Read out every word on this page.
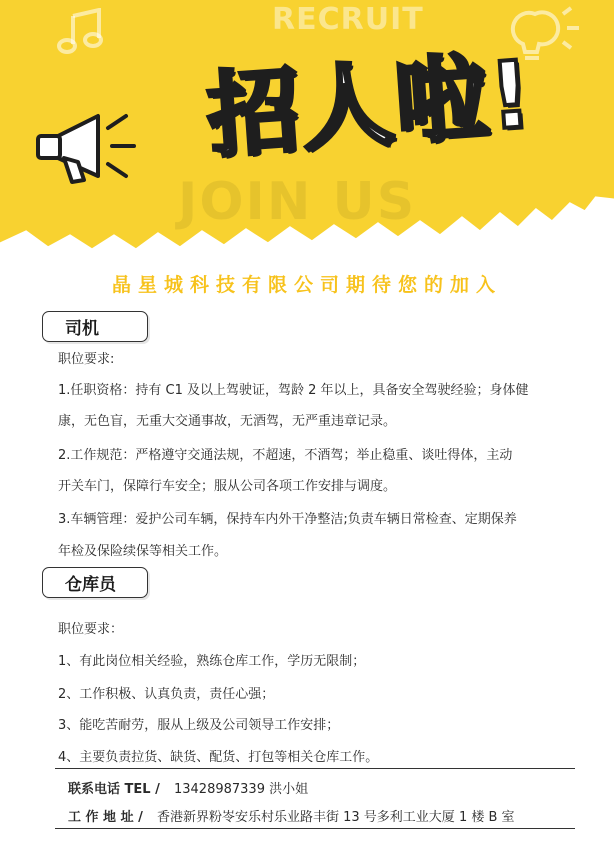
RECRUIT
JOIN US
招人啦!
晶星城科技有限公司期待您的加入
司机
职位要求:
1.任职资格：持有 C1 及以上驾驶证，驾龄 2 年以上，具备安全驾驶经验；身体健
康，无色盲，无重大交通事故，无酒驾，无严重违章记录。
2.工作规范：严格遵守交通法规，不超速，不酒驾；举止稳重、谈吐得体，主动
开关车门，保障行车安全；服从公司各项工作安排与调度。
3.车辆管理：爱护公司车辆，保持车内外干净整洁;负责车辆日常检查、定期保养
年检及保险续保等相关工作。
仓库员
职位要求：
1、有此岗位相关经验，熟练仓库工作，学历无限制；
2、工作积极、认真负责，责任心强；
3、能吃苦耐劳，服从上级及公司领导工作安排；
4、主要负责拉货、缺货、配货、打包等相关仓库工作。
联系电话 TEL / 13428987339 洪小姐
工 作 地 址 / 香港新界粉岺安乐村乐业路丰街 13 号多利工业大厦 1 楼 B 室
